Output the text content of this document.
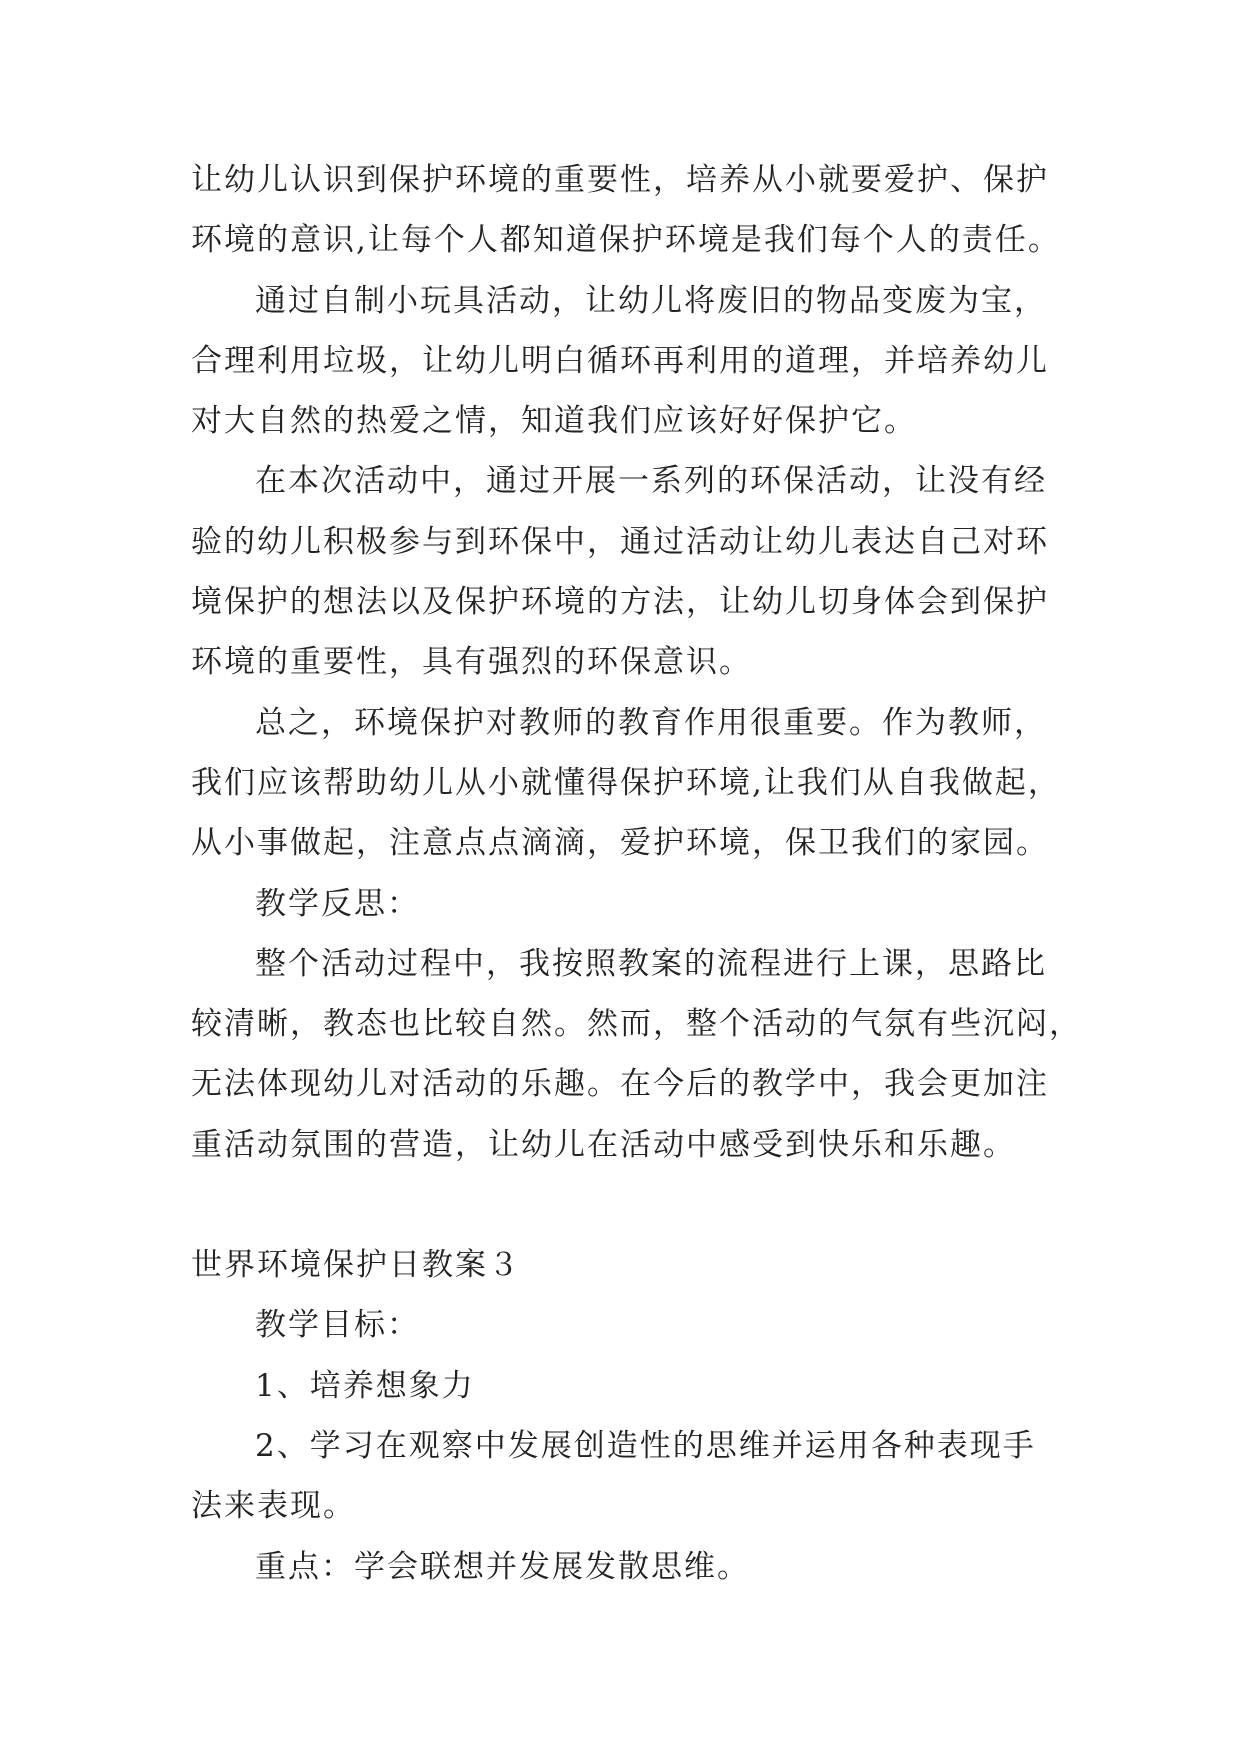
让幼儿认识到保护环境的重要性，培养从小就要爱护、保护
环境的意识,让每个人都知道保护环境是我们每个人的责任。
通过自制小玩具活动，让幼儿将废旧的物品变废为宝，
合理利用垃圾，让幼儿明白循环再利用的道理，并培养幼儿
对大自然的热爱之情，知道我们应该好好保护它。
在本次活动中，通过开展一系列的环保活动，让没有经
验的幼儿积极参与到环保中，通过活动让幼儿表达自己对环
境保护的想法以及保护环境的方法，让幼儿切身体会到保护
环境的重要性，具有强烈的环保意识。
总之，环境保护对教师的教育作用很重要。作为教师，
我们应该帮助幼儿从小就懂得保护环境,让我们从自我做起，
从小事做起，注意点点滴滴，爱护环境，保卫我们的家园。
教学反思：
整个活动过程中，我按照教案的流程进行上课，思路比
较清晰，教态也比较自然。然而，整个活动的气氛有些沉闷，
无法体现幼儿对活动的乐趣。在今后的教学中，我会更加注
重活动氛围的营造，让幼儿在活动中感受到快乐和乐趣。
世界环境保护日教案３
教学目标：
1、培养想象力
2、学习在观察中发展创造性的思维并运用各种表现手
法来表现。
重点：学会联想并发展发散思维。
